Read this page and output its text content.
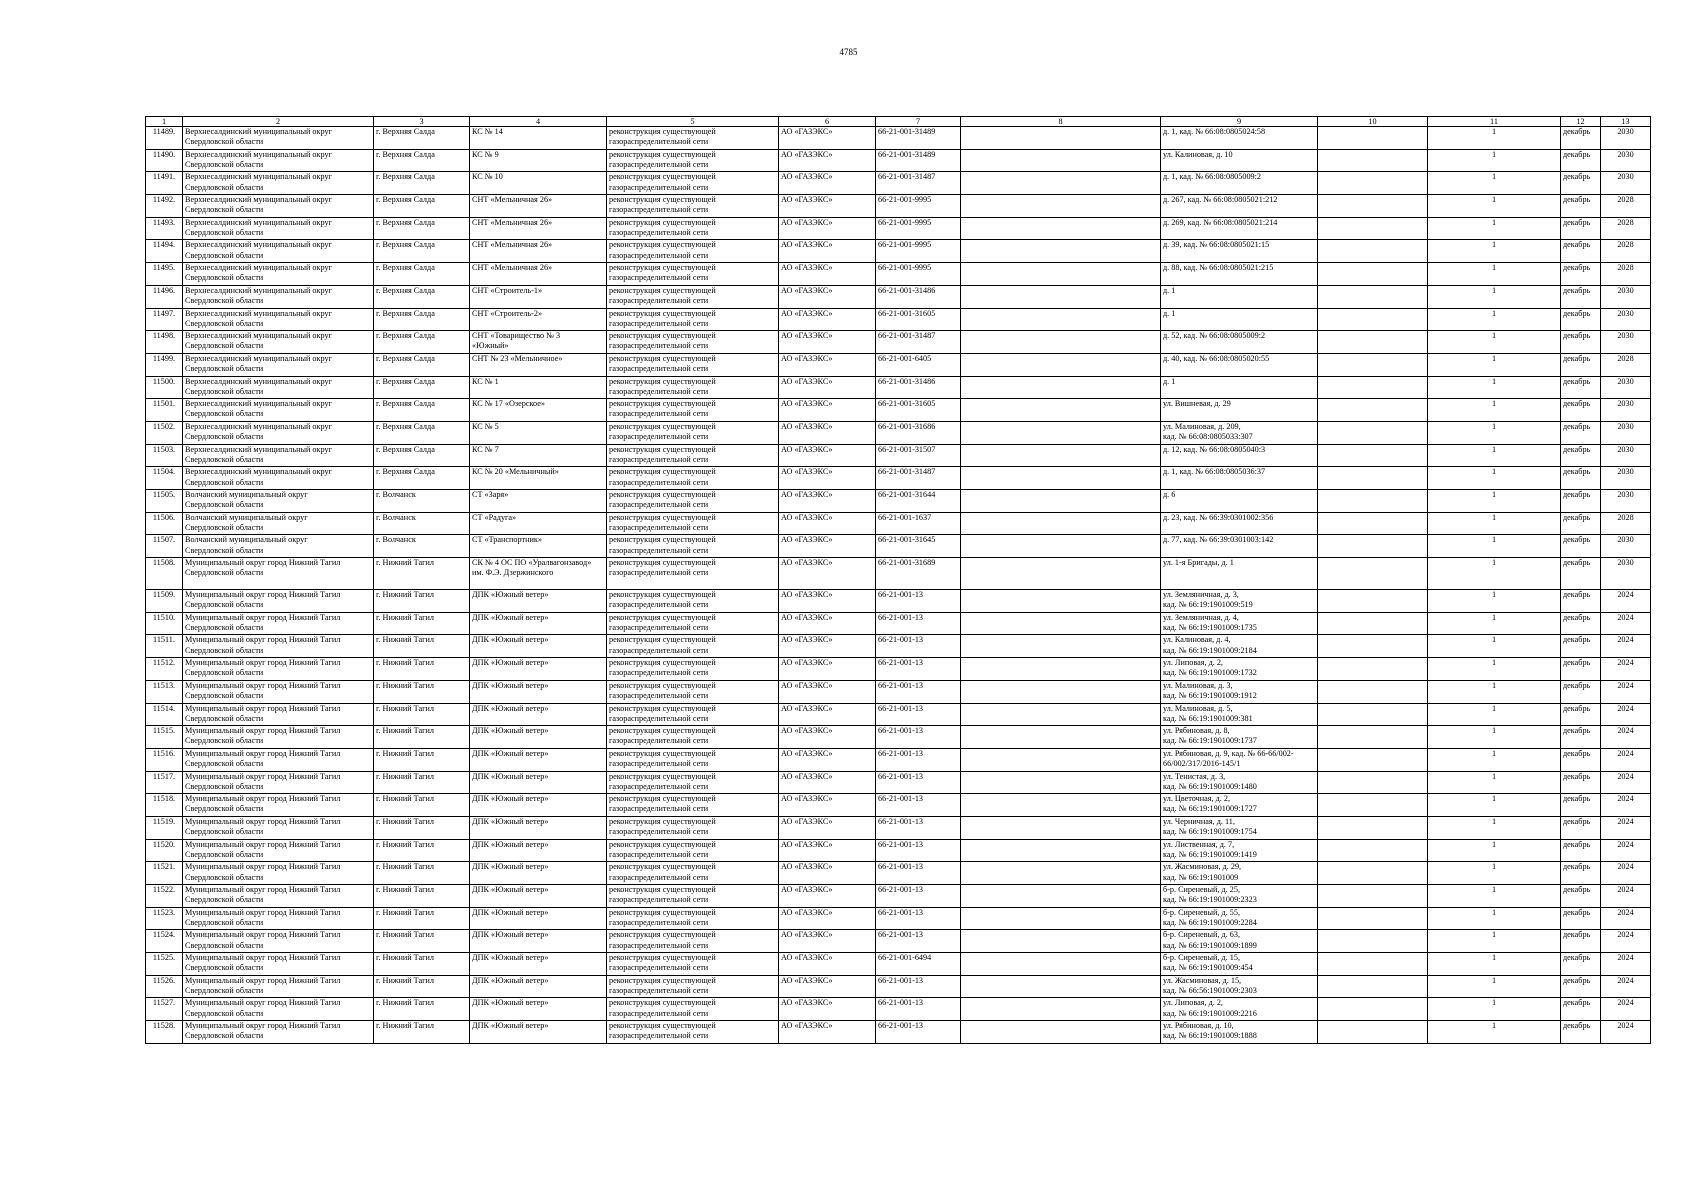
4785
1	2	3	4	5	6	7	8	9	10	11	12	13
11489.	Верхнесалдинский муниципальный округ
Свердловской области	г. Верхняя Салда	КС № 14	реконструкция существующей
газораспределительной сети	АО «ГАЗЭКС»	66-21-001-31489		д. 1, кад. № 66:08:0805024:58		1	декабрь	2030
11490.	Верхнесалдинский муниципальный округ
Свердловской области	г. Верхняя Салда	КС № 9	реконструкция существующей
газораспределительной сети	АО «ГАЗЭКС»	66-21-001-31489		ул. Калиновая, д. 10		1	декабрь	2030
11491.	Верхнесалдинский муниципальный округ
Свердловской области	г. Верхняя Салда	КС № 10	реконструкция существующей
газораспределительной сети	АО «ГАЗЭКС»	66-21-001-31487		д. 1, кад. № 66:08:0805009:2		1	декабрь	2030
11492.	Верхнесалдинский муниципальный округ
Свердловской области	г. Верхняя Салда	СНТ «Мельничная 26»	реконструкция существующей
газораспределительной сети	АО «ГАЗЭКС»	66-21-001-9995		д. 267, кад. № 66:08:0805021:212		1	декабрь	2028
11493.	Верхнесалдинский муниципальный округ
Свердловской области	г. Верхняя Салда	СНТ «Мельничная 26»	реконструкция существующей
газораспределительной сети	АО «ГАЗЭКС»	66-21-001-9995		д. 269, кад. № 66:08:0805021:214		1	декабрь	2028
11494.	Верхнесалдинский муниципальный округ
Свердловской области	г. Верхняя Салда	СНТ «Мельничная 26»	реконструкция существующей
газораспределительной сети	АО «ГАЗЭКС»	66-21-001-9995		д. 39, кад. № 66:08:0805021:15		1	декабрь	2028
11495.	Верхнесалдинский муниципальный округ
Свердловской области	г. Верхняя Салда	СНТ «Мельничная 26»	реконструкция существующей
газораспределительной сети	АО «ГАЗЭКС»	66-21-001-9995		д. 88, кад. № 66:08:0805021:215		1	декабрь	2028
11496.	Верхнесалдинский муниципальный округ
Свердловской области	г. Верхняя Салда	СНТ «Строитель-1»	реконструкция существующей
газораспределительной сети	АО «ГАЗЭКС»	66-21-001-31486		д. 1		1	декабрь	2030
11497.	Верхнесалдинский муниципальный округ
Свердловской области	г. Верхняя Салда	СНТ «Строитель-2»	реконструкция существующей
газораспределительной сети	АО «ГАЗЭКС»	66-21-001-31605		д. 1		1	декабрь	2030
11498.	Верхнесалдинский муниципальный округ
Свердловской области	г. Верхняя Салда	СНТ «Товарищество № 3
«Южный»	реконструкция существующей
газораспределительной сети	АО «ГАЗЭКС»	66-21-001-31487		д. 52, кад. № 66:08:0805009:2		1	декабрь	2030
11499.	Верхнесалдинский муниципальный округ
Свердловской области	г. Верхняя Салда	СНТ № 23 «Мельничное»	реконструкция существующей
газораспределительной сети	АО «ГАЗЭКС»	66-21-001-6405		д. 40, кад. № 66:08:0805020:55		1	декабрь	2028
11500.	Верхнесалдинский муниципальный округ
Свердловской области	г. Верхняя Салда	КС № 1	реконструкция существующей
газораспределительной сети	АО «ГАЗЭКС»	66-21-001-31486		д. 1		1	декабрь	2030
11501.	Верхнесалдинский муниципальный округ
Свердловской области	г. Верхняя Салда	КС № 17 «Озерское»	реконструкция существующей
газораспределительной сети	АО «ГАЗЭКС»	66-21-001-31605		ул. Вишневая, д. 29		1	декабрь	2030
11502.	Верхнесалдинский муниципальный округ
Свердловской области	г. Верхняя Салда	КС № 5	реконструкция существующей
газораспределительной сети	АО «ГАЗЭКС»	66-21-001-31686		ул. Малиновая, д. 209,
кад. № 66:08:0805033:307		1	декабрь	2030
11503.	Верхнесалдинский муниципальный округ
Свердловской области	г. Верхняя Салда	КС № 7	реконструкция существующей
газораспределительной сети	АО «ГАЗЭКС»	66-21-001-31507		д. 12, кад. № 66:08:0805040:3		1	декабрь	2030
11504.	Верхнесалдинский муниципальный округ
Свердловской области	г. Верхняя Салда	КС № 20 «Мельничный»	реконструкция существующей
газораспределительной сети	АО «ГАЗЭКС»	66-21-001-31487		д. 1, кад. № 66:08:0805036:37		1	декабрь	2030
11505.	Волчанский муниципальный округ
Свердловской области	г. Волчанск	СТ «Заря»	реконструкция существующей
газораспределительной сети	АО «ГАЗЭКС»	66-21-001-31644		д. 6		1	декабрь	2030
11506.	Волчанский муниципальный округ
Свердловской области	г. Волчанск	СТ «Радуга»	реконструкция существующей
газораспределительной сети	АО «ГАЗЭКС»	66-21-001-1637		д. 23, кад. № 66:39:0301002:356		1	декабрь	2028
11507.	Волчанский муниципальный округ
Свердловской области	г. Волчанск	СТ «Транспортник»	реконструкция существующей
газораспределительной сети	АО «ГАЗЭКС»	66-21-001-31645		д. 77, кад. № 66:39:0301003:142		1	декабрь	2030
11508.	Муниципальный округ город Нижний Тагил
Свердловской области	г. Нижний Тагил	СК № 4 ОС ПО «Уралвагонзавод»
им. Ф.Э. Дзержинского	реконструкция существующей
газораспределительной сети	АО «ГАЗЭКС»	66-21-001-31689		ул. 1-я Бригады, д. 1		1	декабрь	2030
11509.	Муниципальный округ город Нижний Тагил
Свердловской области	г. Нижний Тагил	ДПК «Южный ветер»	реконструкция существующей
газораспределительной сети	АО «ГАЗЭКС»	66-21-001-13		ул. Земляничная, д. 3,
кад. № 66:19:1901009:519		1	декабрь	2024
11510.	Муниципальный округ город Нижний Тагил
Свердловской области	г. Нижний Тагил	ДПК «Южный ветер»	реконструкция существующей
газораспределительной сети	АО «ГАЗЭКС»	66-21-001-13		ул. Земляничная, д. 4,
кад. № 66:19:1901009:1735		1	декабрь	2024
11511.	Муниципальный округ город Нижний Тагил
Свердловской области	г. Нижний Тагил	ДПК «Южный ветер»	реконструкция существующей
газораспределительной сети	АО «ГАЗЭКС»	66-21-001-13		ул. Калиновая, д. 4,
кад. № 66:19:1901009:2184		1	декабрь	2024
11512.	Муниципальный округ город Нижний Тагил
Свердловской области	г. Нижний Тагил	ДПК «Южный ветер»	реконструкция существующей
газораспределительной сети	АО «ГАЗЭКС»	66-21-001-13		ул. Липовая, д. 2,
кад. № 66:19:1901009:1732		1	декабрь	2024
11513.	Муниципальный округ город Нижний Тагил
Свердловской области	г. Нижний Тагил	ДПК «Южный ветер»	реконструкция существующей
газораспределительной сети	АО «ГАЗЭКС»	66-21-001-13		ул. Малиновая, д. 3,
кад. № 66:19:1901009:1912		1	декабрь	2024
11514.	Муниципальный округ город Нижний Тагил
Свердловской области	г. Нижний Тагил	ДПК «Южный ветер»	реконструкция существующей
газораспределительной сети	АО «ГАЗЭКС»	66-21-001-13		ул. Малиновая, д. 5,
кад. № 66:19:1901009:381		1	декабрь	2024
11515.	Муниципальный округ город Нижний Тагил
Свердловской области	г. Нижний Тагил	ДПК «Южный ветер»	реконструкция существующей
газораспределительной сети	АО «ГАЗЭКС»	66-21-001-13		ул. Рябиновая, д. 8,
кад. № 66:19:1901009:1737		1	декабрь	2024
11516.	Муниципальный округ город Нижний Тагил
Свердловской области	г. Нижний Тагил	ДПК «Южный ветер»	реконструкция существующей
газораспределительной сети	АО «ГАЗЭКС»	66-21-001-13		ул. Рябиновая, д. 9, кад. № 66-66/002-
66/002/317/2016-145/1		1	декабрь	2024
11517.	Муниципальный округ город Нижний Тагил
Свердловской области	г. Нижний Тагил	ДПК «Южный ветер»	реконструкция существующей
газораспределительной сети	АО «ГАЗЭКС»	66-21-001-13		ул. Тенистая, д. 3,
кад. № 66:19:1901009:1480		1	декабрь	2024
11518.	Муниципальный округ город Нижний Тагил
Свердловской области	г. Нижний Тагил	ДПК «Южный ветер»	реконструкция существующей
газораспределительной сети	АО «ГАЗЭКС»	66-21-001-13		ул. Цветочная, д. 2,
кад. № 66:19:1901009:1727		1	декабрь	2024
11519.	Муниципальный округ город Нижний Тагил
Свердловской области	г. Нижний Тагил	ДПК «Южный ветер»	реконструкция существующей
газораспределительной сети	АО «ГАЗЭКС»	66-21-001-13		ул. Черничная, д. 11,
кад. № 66:19:1901009:1754		1	декабрь	2024
11520.	Муниципальный округ город Нижний Тагил
Свердловской области	г. Нижний Тагил	ДПК «Южный ветер»	реконструкция существующей
газораспределительной сети	АО «ГАЗЭКС»	66-21-001-13		ул. Лиственная, д. 7,
кад. № 66:19:1901009:1419		1	декабрь	2024
11521.	Муниципальный округ город Нижний Тагил
Свердловской области	г. Нижний Тагил	ДПК «Южный ветер»	реконструкция существующей
газораспределительной сети	АО «ГАЗЭКС»	66-21-001-13		ул. Жасминовая, д. 29,
кад. № 66:19:1901009		1	декабрь	2024
11522.	Муниципальный округ город Нижний Тагил
Свердловской области	г. Нижний Тагил	ДПК «Южный ветер»	реконструкция существующей
газораспределительной сети	АО «ГАЗЭКС»	66-21-001-13		б-р. Сиреневый, д. 25,
кад. № 66:19:1901009:2323		1	декабрь	2024
11523.	Муниципальный округ город Нижний Тагил
Свердловской области	г. Нижний Тагил	ДПК «Южный ветер»	реконструкция существующей
газораспределительной сети	АО «ГАЗЭКС»	66-21-001-13		б-р. Сиреневый, д. 55,
кад. № 66:19:1901009:2284		1	декабрь	2024
11524.	Муниципальный округ город Нижний Тагил
Свердловской области	г. Нижний Тагил	ДПК «Южный ветер»	реконструкция существующей
газораспределительной сети	АО «ГАЗЭКС»	66-21-001-13		б-р. Сиреневый, д. 63,
кад. № 66:19:1901009:1899		1	декабрь	2024
11525.	Муниципальный округ город Нижний Тагил
Свердловской области	г. Нижний Тагил	ДПК «Южный ветер»	реконструкция существующей
газораспределительной сети	АО «ГАЗЭКС»	66-21-001-6494		б-р. Сиреневый, д. 15,
кад. № 66:19:1901009:454		1	декабрь	2024
11526.	Муниципальный округ город Нижний Тагил
Свердловской области	г. Нижний Тагил	ДПК «Южный ветер»	реконструкция существующей
газораспределительной сети	АО «ГАЗЭКС»	66-21-001-13		ул. Жасминовая, д. 15,
кад. № 66:56:1901009:2303		1	декабрь	2024
11527.	Муниципальный округ город Нижний Тагил
Свердловской области	г. Нижний Тагил	ДПК «Южный ветер»	реконструкция существующей
газораспределительной сети	АО «ГАЗЭКС»	66-21-001-13		ул. Липовая, д. 2,
кад. № 66:19:1901009:2216		1	декабрь	2024
11528.	Муниципальный округ город Нижний Тагил
Свердловской области	г. Нижний Тагил	ДПК «Южный ветер»	реконструкция существующей
газораспределительной сети	АО «ГАЗЭКС»	66-21-001-13		ул. Рябиновая, д. 10,
кад. № 66:19:1901009:1888		1	декабрь	2024
